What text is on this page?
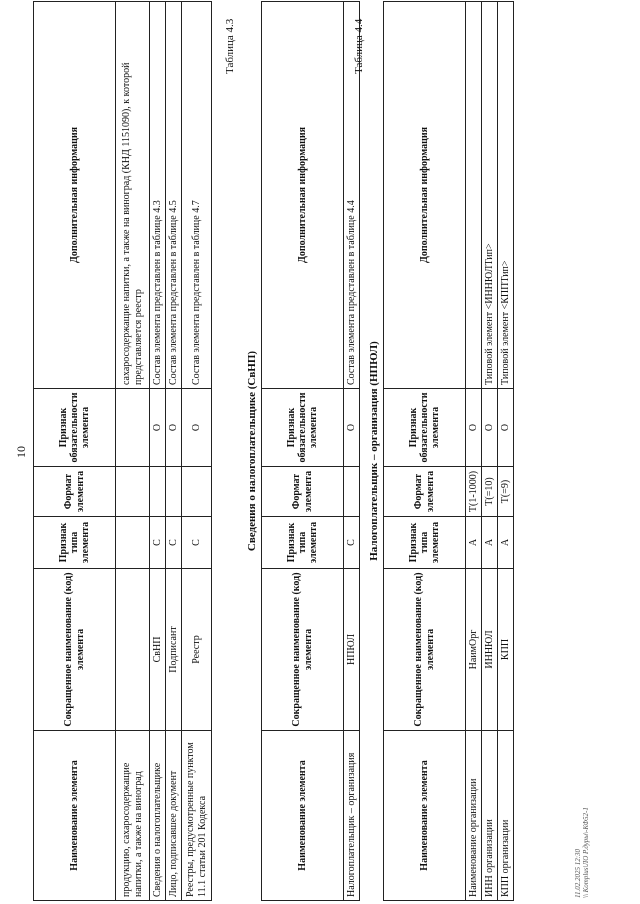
10
Наименование элемента	Сокращенное наименование (код) элемента	Признак типа элемента	Формат элемента	Признак обязательности элемента	Дополнительная информация
продукцию, сахаросодержащие напитки, а также на виноград					сахаросодержащие напитки, а также на виноград (КНД 1151090), к которой представляется реестр
Сведения о налогоплательщике	СвНП	С		О	Состав элемента представлен в таблице 4.3
Лицо, подписавшее документ	Подписант	С		О	Состав элемента представлен в таблице 4.5
Реестры, предусмотренные пунктом 11.1 статьи 201 Кодекса	Реестр	С		О	Состав элемента представлен в таблице 4.7
Таблица 4.3
Сведения о налогоплательщике (СвНП)
Наименование элемента	Сокращенное наименование (код) элемента	Признак типа элемента	Формат элемента	Признак обязательности элемента	Дополнительная информация
Налогоплательщик – организация	НПЮЛ	С		О	Состав элемента представлен в таблице 4.4
Таблица 4.4
Налогоплательщик – организация (НПЮЛ)
Наименование элемента	Сокращенное наименование (код) элемента	Признак типа элемента	Формат элемента	Признак обязательности элемента	Дополнительная информация
Наименование организации	НаимОрг	А	T(1-1000)	О	
ИНН организации	ИННЮЛ	А	T(=10)	О	Типовой элемент <ИННЮЛТип>
КПП организации	КПП	А	T(=9)	О	Типовой элемент <КППТип>
11.02.2025 12:30 \\ Komplus\ЛО Р.дуры\-КФ52-1
